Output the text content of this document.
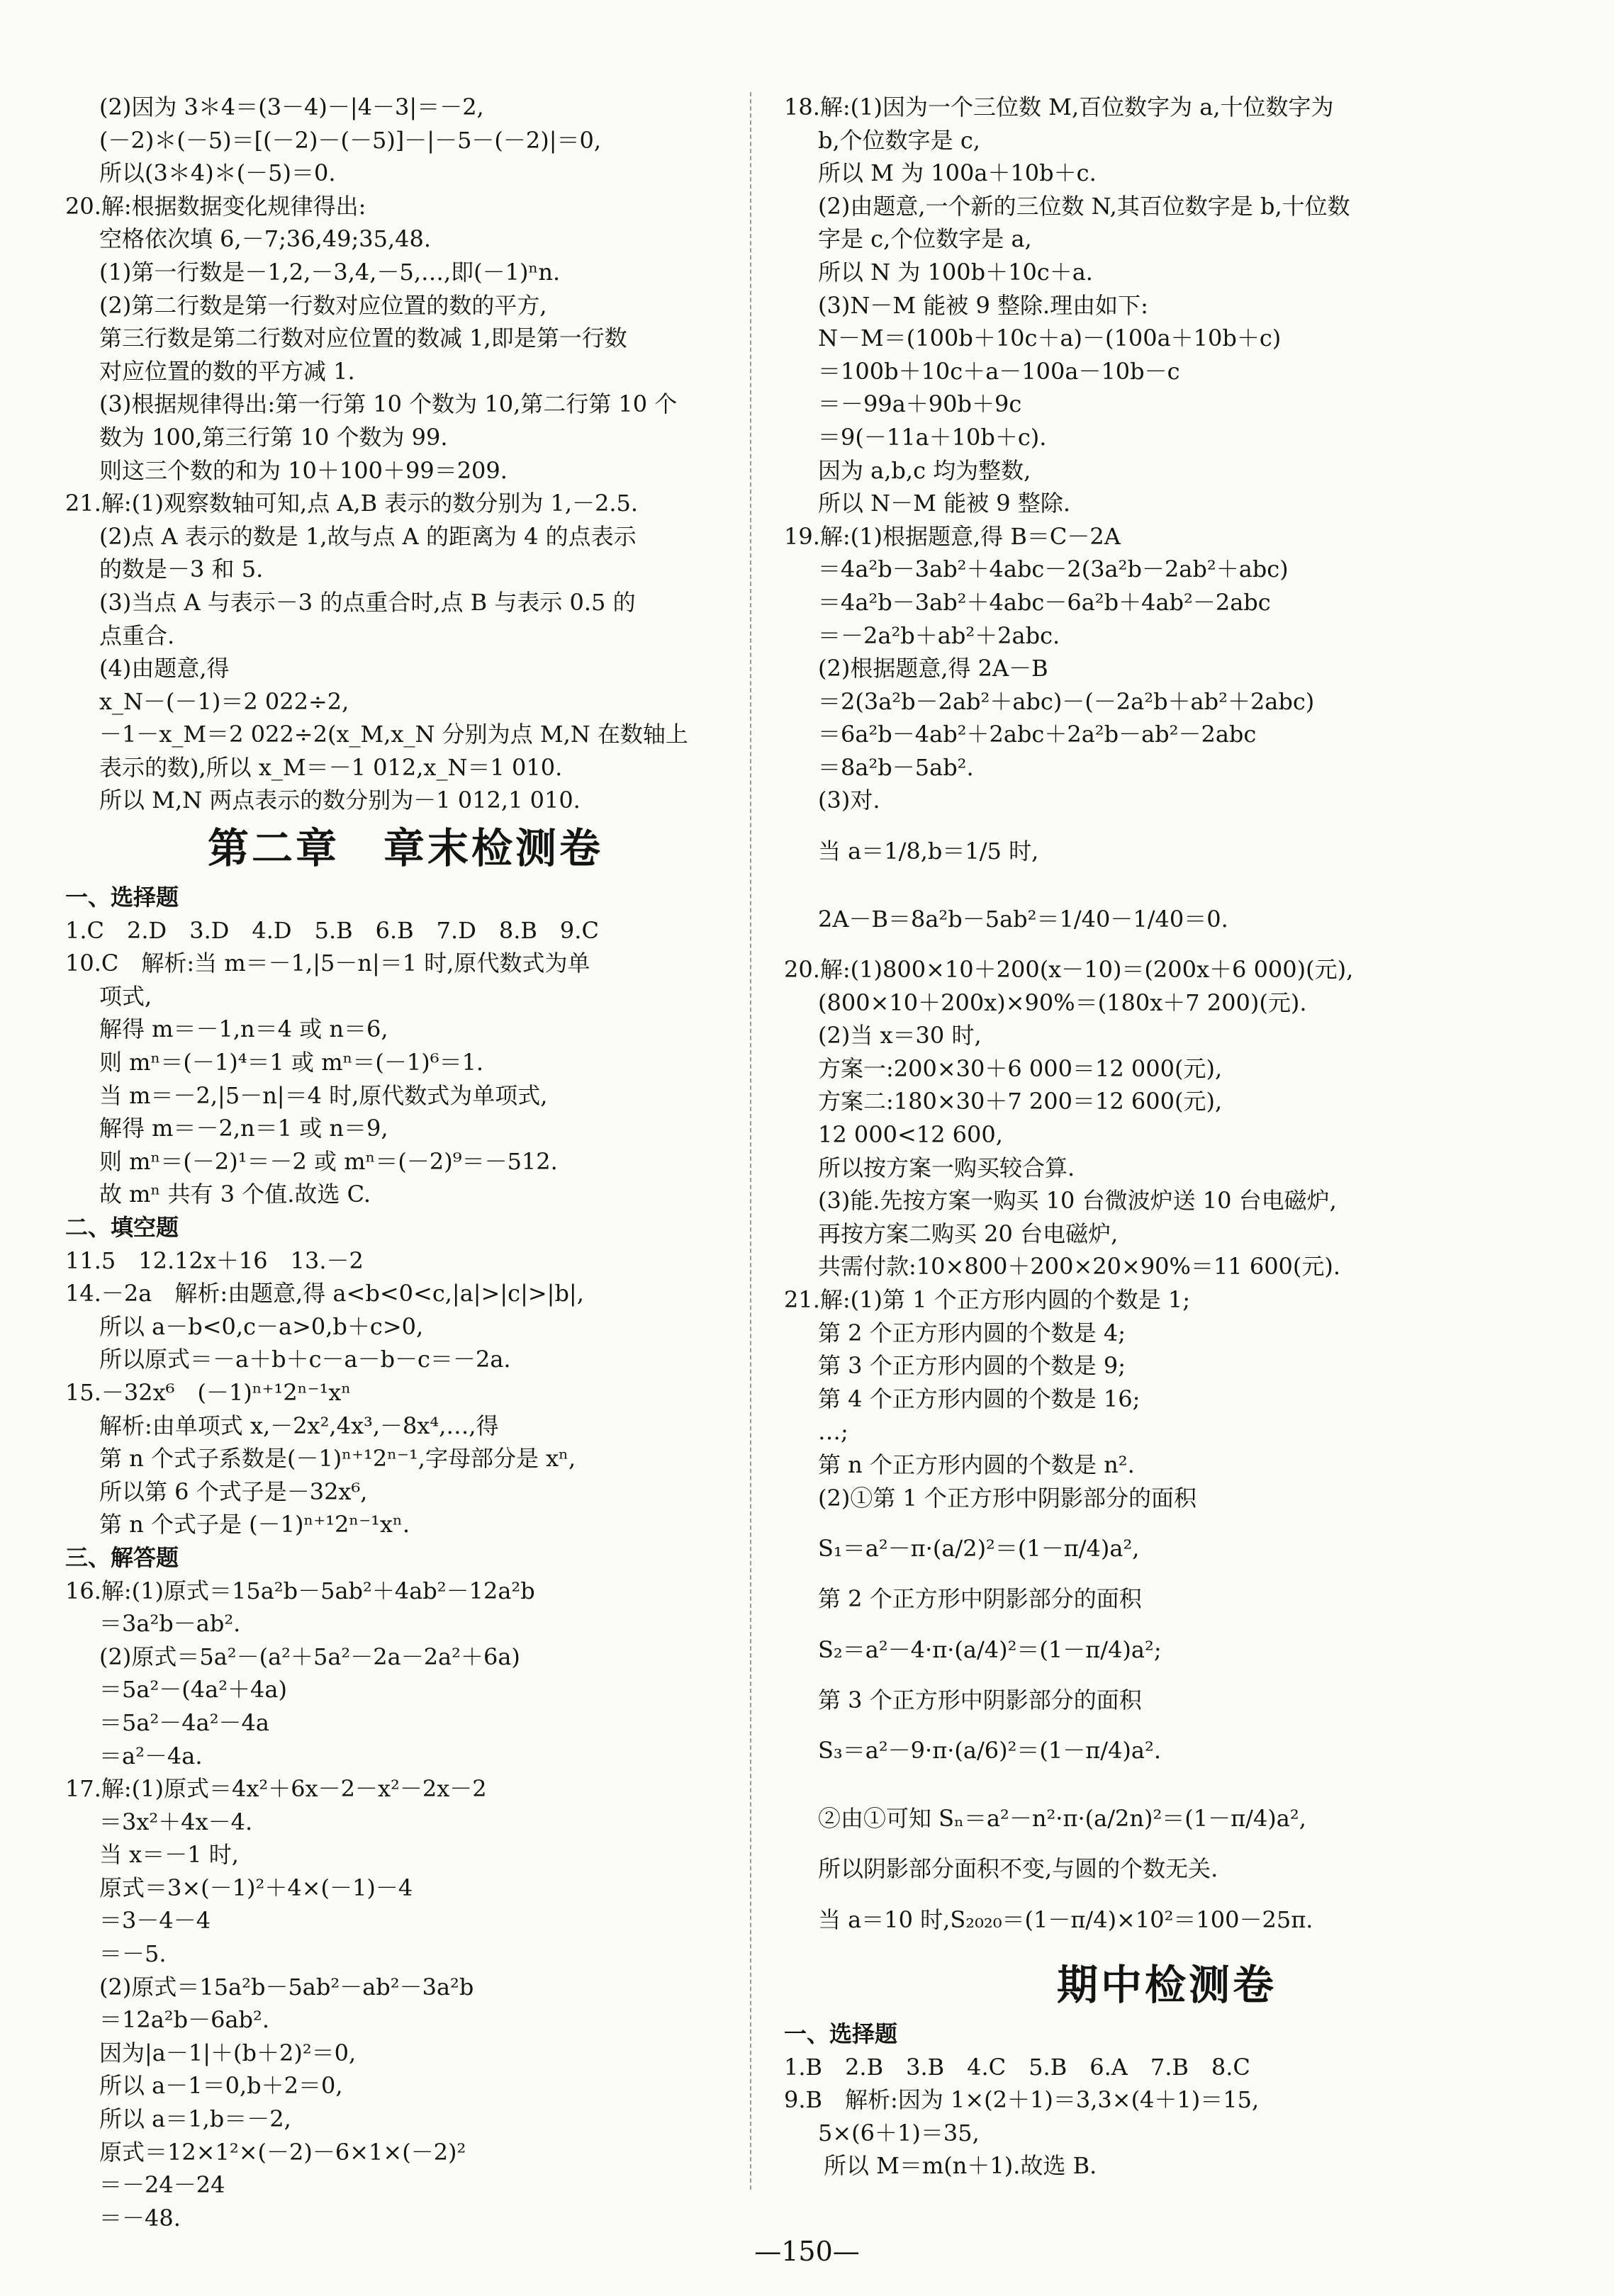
(2)因为 3＊4＝(3－4)－|4－3|＝－2,
(－2)＊(－5)＝[(－2)－(－5)]－|－5－(－2)|＝0,
所以(3＊4)＊(－5)＝0.
20.解:根据数据变化规律得出:
空格依次填 6,－7;36,49;35,48.
(1)第一行数是－1,2,－3,4,－5,…,即(－1)ⁿn.
(2)第二行数是第一行数对应位置的数的平方,
第三行数是第二行数对应位置的数减 1,即是第一行数
对应位置的数的平方减 1.
(3)根据规律得出:第一行第 10 个数为 10,第二行第 10 个
数为 100,第三行第 10 个数为 99.
则这三个数的和为 10＋100＋99＝209.
21.解:(1)观察数轴可知,点 A,B 表示的数分别为 1,－2.5.
(2)点 A 表示的数是 1,故与点 A 的距离为 4 的点表示
的数是－3 和 5.
(3)当点 A 与表示－3 的点重合时,点 B 与表示 0.5 的
点重合.
(4)由题意,得
x_N－(－1)＝2 022÷2,
－1－x_M＝2 022÷2(x_M,x_N 分别为点 M,N 在数轴上
表示的数),所以 x_M＝－1 012,x_N＝1 010.
所以 M,N 两点表示的数分别为－1 012,1 010.
第二章　章末检测卷
一、选择题
1.C　2.D　3.D　4.D　5.B　6.B　7.D　8.B　9.C
10.C　解析:当 m＝－1,|5－n|＝1 时,原代数式为单
项式,
解得 m＝－1,n＝4 或 n＝6,
则 mⁿ＝(－1)⁴＝1 或 mⁿ＝(－1)⁶＝1.
当 m＝－2,|5－n|＝4 时,原代数式为单项式,
解得 m＝－2,n＝1 或 n＝9,
则 mⁿ＝(－2)¹＝－2 或 mⁿ＝(－2)⁹＝－512.
故 mⁿ 共有 3 个值.故选 C.
二、填空题
11.5　12.12x＋16　13.－2
14.－2a　解析:由题意,得 a<b<0<c,|a|>|c|>|b|,
所以 a－b<0,c－a>0,b＋c>0,
所以原式＝－a＋b＋c－a－b－c＝－2a.
15.－32x⁶　(－1)ⁿ⁺¹2ⁿ⁻¹xⁿ
解析:由单项式 x,－2x²,4x³,－8x⁴,…,得
第 n 个式子系数是(－1)ⁿ⁺¹2ⁿ⁻¹,字母部分是 xⁿ,
所以第 6 个式子是－32x⁶,
第 n 个式子是 (－1)ⁿ⁺¹2ⁿ⁻¹xⁿ.
三、解答题
16.解:(1)原式＝15a²b－5ab²＋4ab²－12a²b
＝3a²b－ab².
(2)原式＝5a²－(a²＋5a²－2a－2a²＋6a)
＝5a²－(4a²＋4a)
＝5a²－4a²－4a
＝a²－4a.
17.解:(1)原式＝4x²＋6x－2－x²－2x－2
＝3x²＋4x－4.
当 x＝－1 时,
原式＝3×(－1)²＋4×(－1)－4
＝3－4－4
＝－5.
(2)原式＝15a²b－5ab²－ab²－3a²b
＝12a²b－6ab².
因为|a－1|＋(b＋2)²＝0,
所以 a－1＝0,b＋2＝0,
所以 a＝1,b＝－2,
原式＝12×1²×(－2)－6×1×(－2)²
＝－24－24
＝－48.
18.解:(1)因为一个三位数 M,百位数字为 a,十位数字为
b,个位数字是 c,
所以 M 为 100a＋10b＋c.
(2)由题意,一个新的三位数 N,其百位数字是 b,十位数
字是 c,个位数字是 a,
所以 N 为 100b＋10c＋a.
(3)N－M 能被 9 整除.理由如下:
N－M＝(100b＋10c＋a)－(100a＋10b＋c)
＝100b＋10c＋a－100a－10b－c
＝－99a＋90b＋9c
＝9(－11a＋10b＋c).
因为 a,b,c 均为整数,
所以 N－M 能被 9 整除.
19.解:(1)根据题意,得 B＝C－2A
＝4a²b－3ab²＋4abc－2(3a²b－2ab²＋abc)
＝4a²b－3ab²＋4abc－6a²b＋4ab²－2abc
＝－2a²b＋ab²＋2abc.
(2)根据题意,得 2A－B
＝2(3a²b－2ab²＋abc)－(－2a²b＋ab²＋2abc)
＝6a²b－4ab²＋2abc＋2a²b－ab²－2abc
＝8a²b－5ab².
(3)对.
当 a＝1/8,b＝1/5 时,
2A－B＝8a²b－5ab²＝1/40－1/40＝0.
20.解:(1)800×10＋200(x－10)＝(200x＋6 000)(元),
(800×10＋200x)×90%＝(180x＋7 200)(元).
(2)当 x＝30 时,
方案一:200×30＋6 000＝12 000(元),
方案二:180×30＋7 200＝12 600(元),
12 000<12 600,
所以按方案一购买较合算.
(3)能.先按方案一购买 10 台微波炉送 10 台电磁炉,
再按方案二购买 20 台电磁炉,
共需付款:10×800＋200×20×90%＝11 600(元).
21.解:(1)第 1 个正方形内圆的个数是 1;
第 2 个正方形内圆的个数是 4;
第 3 个正方形内圆的个数是 9;
第 4 个正方形内圆的个数是 16;
…;
第 n 个正方形内圆的个数是 n².
(2)①第 1 个正方形中阴影部分的面积
S₁＝a²－π·(a/2)²＝(1－π/4)a²,
第 2 个正方形中阴影部分的面积
S₂＝a²－4·π·(a/4)²＝(1－π/4)a²;
第 3 个正方形中阴影部分的面积
S₃＝a²－9·π·(a/6)²＝(1－π/4)a².
②由①可知 Sₙ＝a²－n²·π·(a/2n)²＝(1－π/4)a²,
所以阴影部分面积不变,与圆的个数无关.
当 a＝10 时,S₂₀₂₀＝(1－π/4)×10²＝100－25π.
期中检测卷
一、选择题
1.B　2.B　3.B　4.C　5.B　6.A　7.B　8.C
9.B　解析:因为 1×(2＋1)＝3,3×(4＋1)＝15,
5×(6＋1)＝35,
所以 M＝m(n＋1).故选 B.
—150—
